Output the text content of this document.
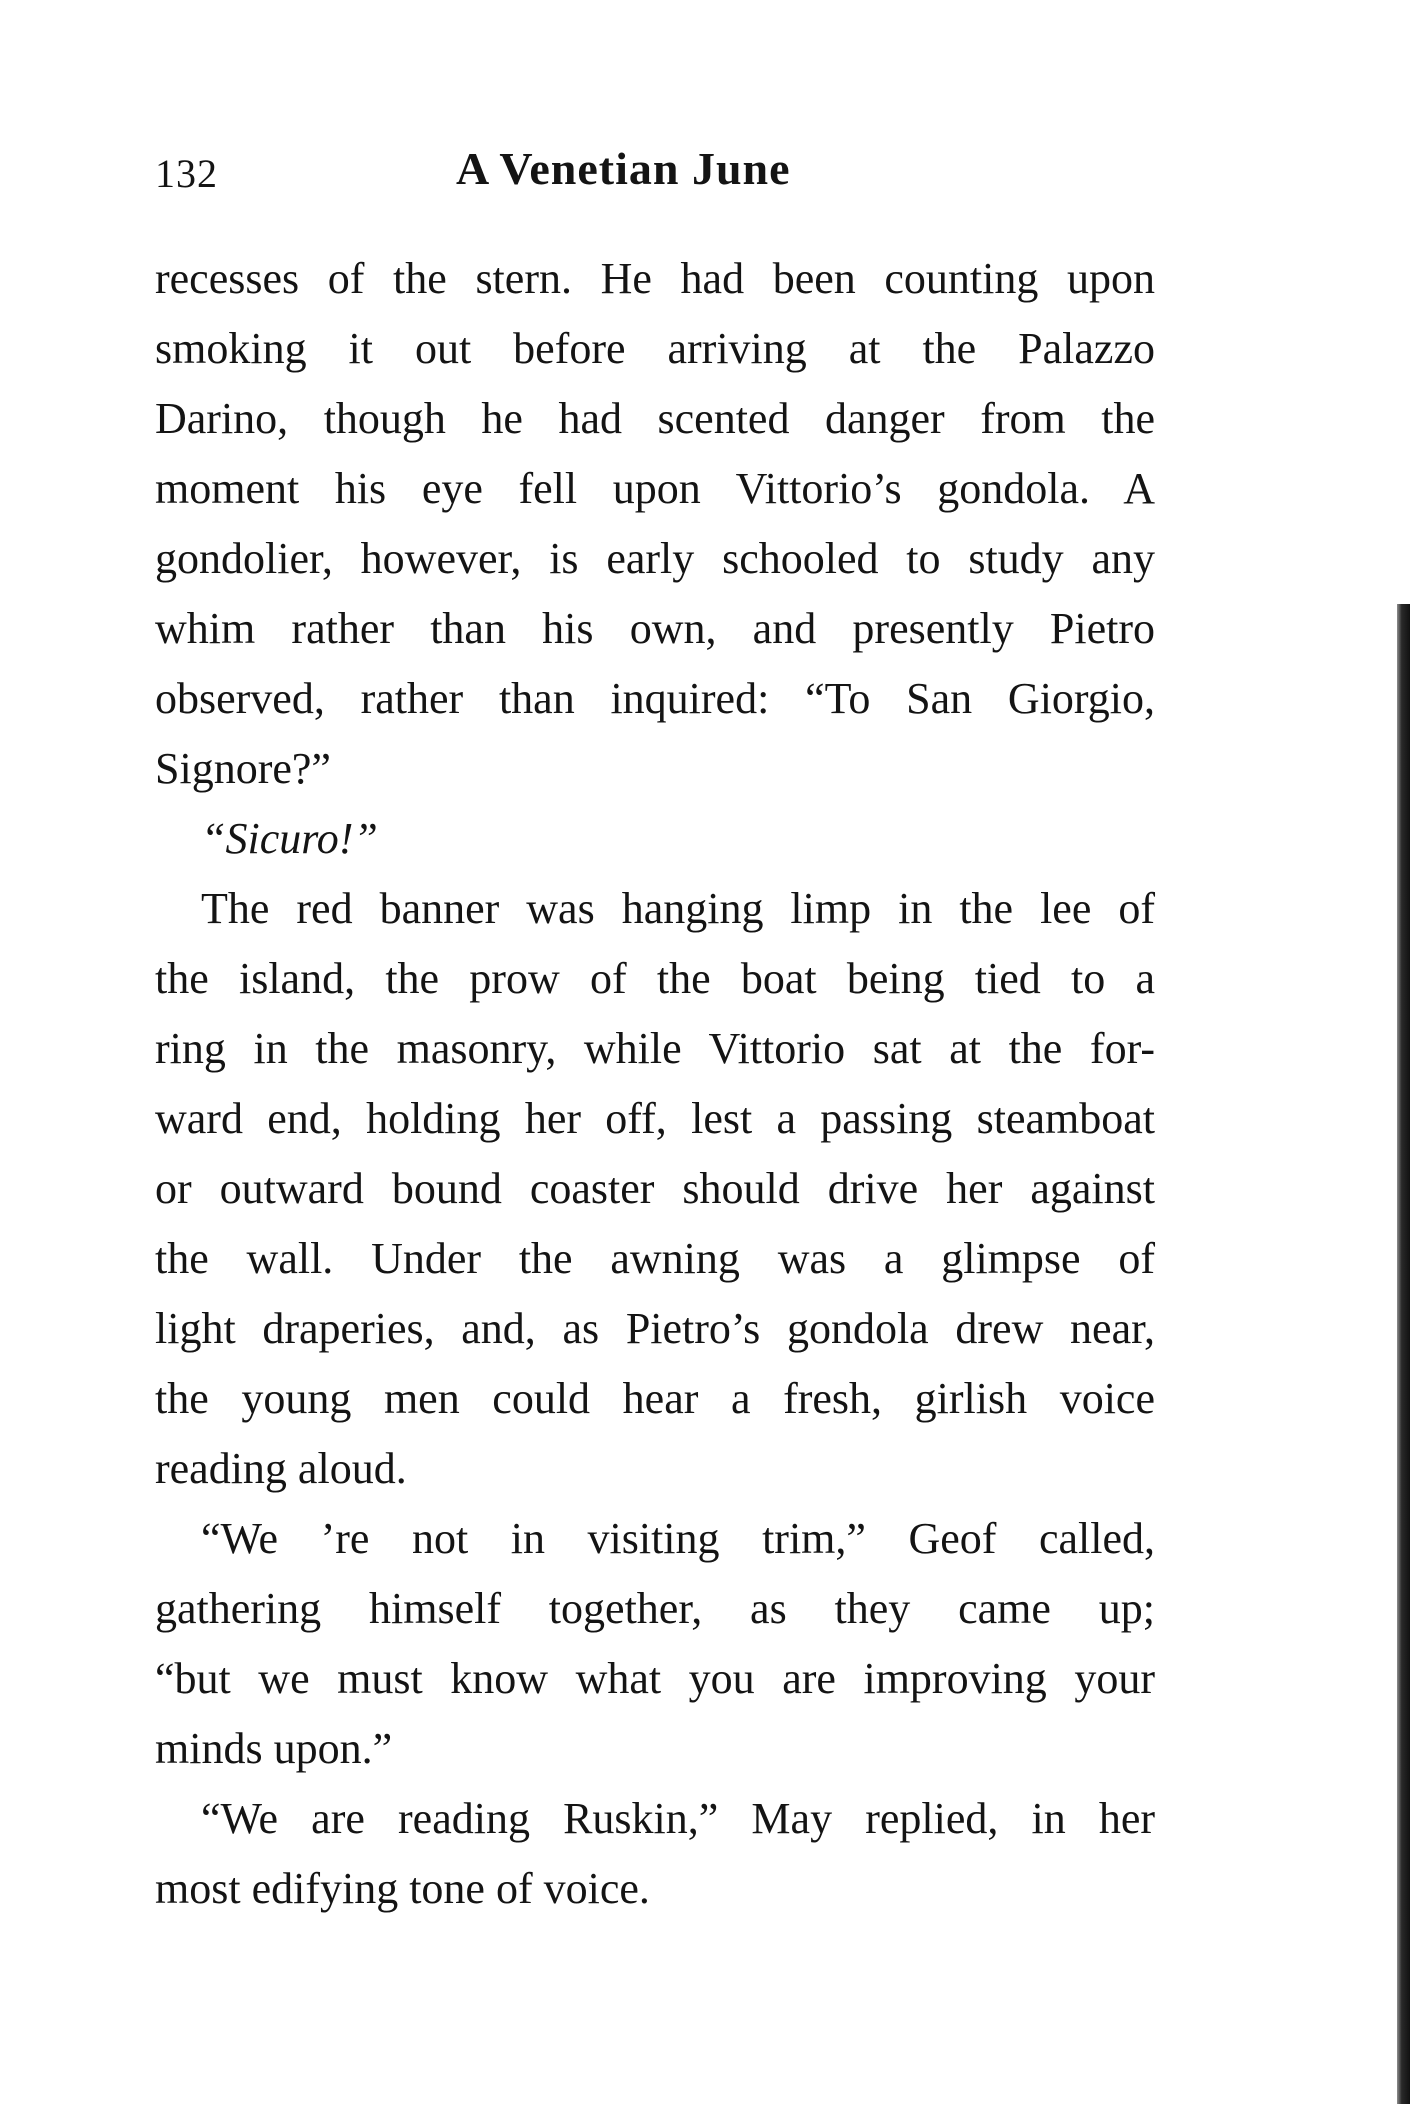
132	A Venetian June
recesses of the stern. He had been counting upon
smoking it out before arriving at the Palazzo
Darino, though he had scented danger from the
moment his eye fell upon Vittorio’s gondola. A
gondolier, however, is early schooled to study any
whim rather than his own, and presently Pietro
observed, rather than inquired: “To San Giorgio,
Signore?”
“Sicuro!”
The red banner was hanging limp in the lee of
the island, the prow of the boat being tied to a
ring in the masonry, while Vittorio sat at the for-
ward end, holding her off, lest a passing steamboat
or outward bound coaster should drive her against
the wall. Under the awning was a glimpse of
light draperies, and, as Pietro’s gondola drew near,
the young men could hear a fresh, girlish voice
reading aloud.
“We ’re not in visiting trim,” Geof called,
gathering himself together, as they came up;
“but we must know what you are improving your
minds upon.”
“We are reading Ruskin,” May replied, in her
most edifying tone of voice.
